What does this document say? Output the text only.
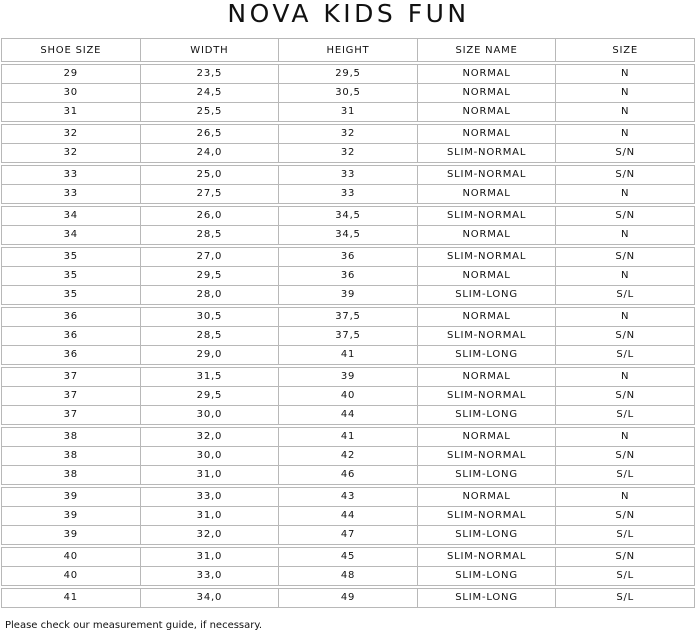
NOVA KIDS FUN
SHOE SIZE	WIDTH	HEIGHT	SIZE NAME	SIZE
29	23,5	29,5	NORMAL	N
30	24,5	30,5	NORMAL	N
31	25,5	31	NORMAL	N
32	26,5	32	NORMAL	N
32	24,0	32	SLIM-NORMAL	S/N
33	25,0	33	SLIM-NORMAL	S/N
33	27,5	33	NORMAL	N
34	26,0	34,5	SLIM-NORMAL	S/N
34	28,5	34,5	NORMAL	N
35	27,0	36	SLIM-NORMAL	S/N
35	29,5	36	NORMAL	N
35	28,0	39	SLIM-LONG	S/L
36	30,5	37,5	NORMAL	N
36	28,5	37,5	SLIM-NORMAL	S/N
36	29,0	41	SLIM-LONG	S/L
37	31,5	39	NORMAL	N
37	29,5	40	SLIM-NORMAL	S/N
37	30,0	44	SLIM-LONG	S/L
38	32,0	41	NORMAL	N
38	30,0	42	SLIM-NORMAL	S/N
38	31,0	46	SLIM-LONG	S/L
39	33,0	43	NORMAL	N
39	31,0	44	SLIM-NORMAL	S/N
39	32,0	47	SLIM-LONG	S/L
40	31,0	45	SLIM-NORMAL	S/N
40	33,0	48	SLIM-LONG	S/L
41	34,0	49	SLIM-LONG	S/L
Please check our measurement guide, if necessary.
